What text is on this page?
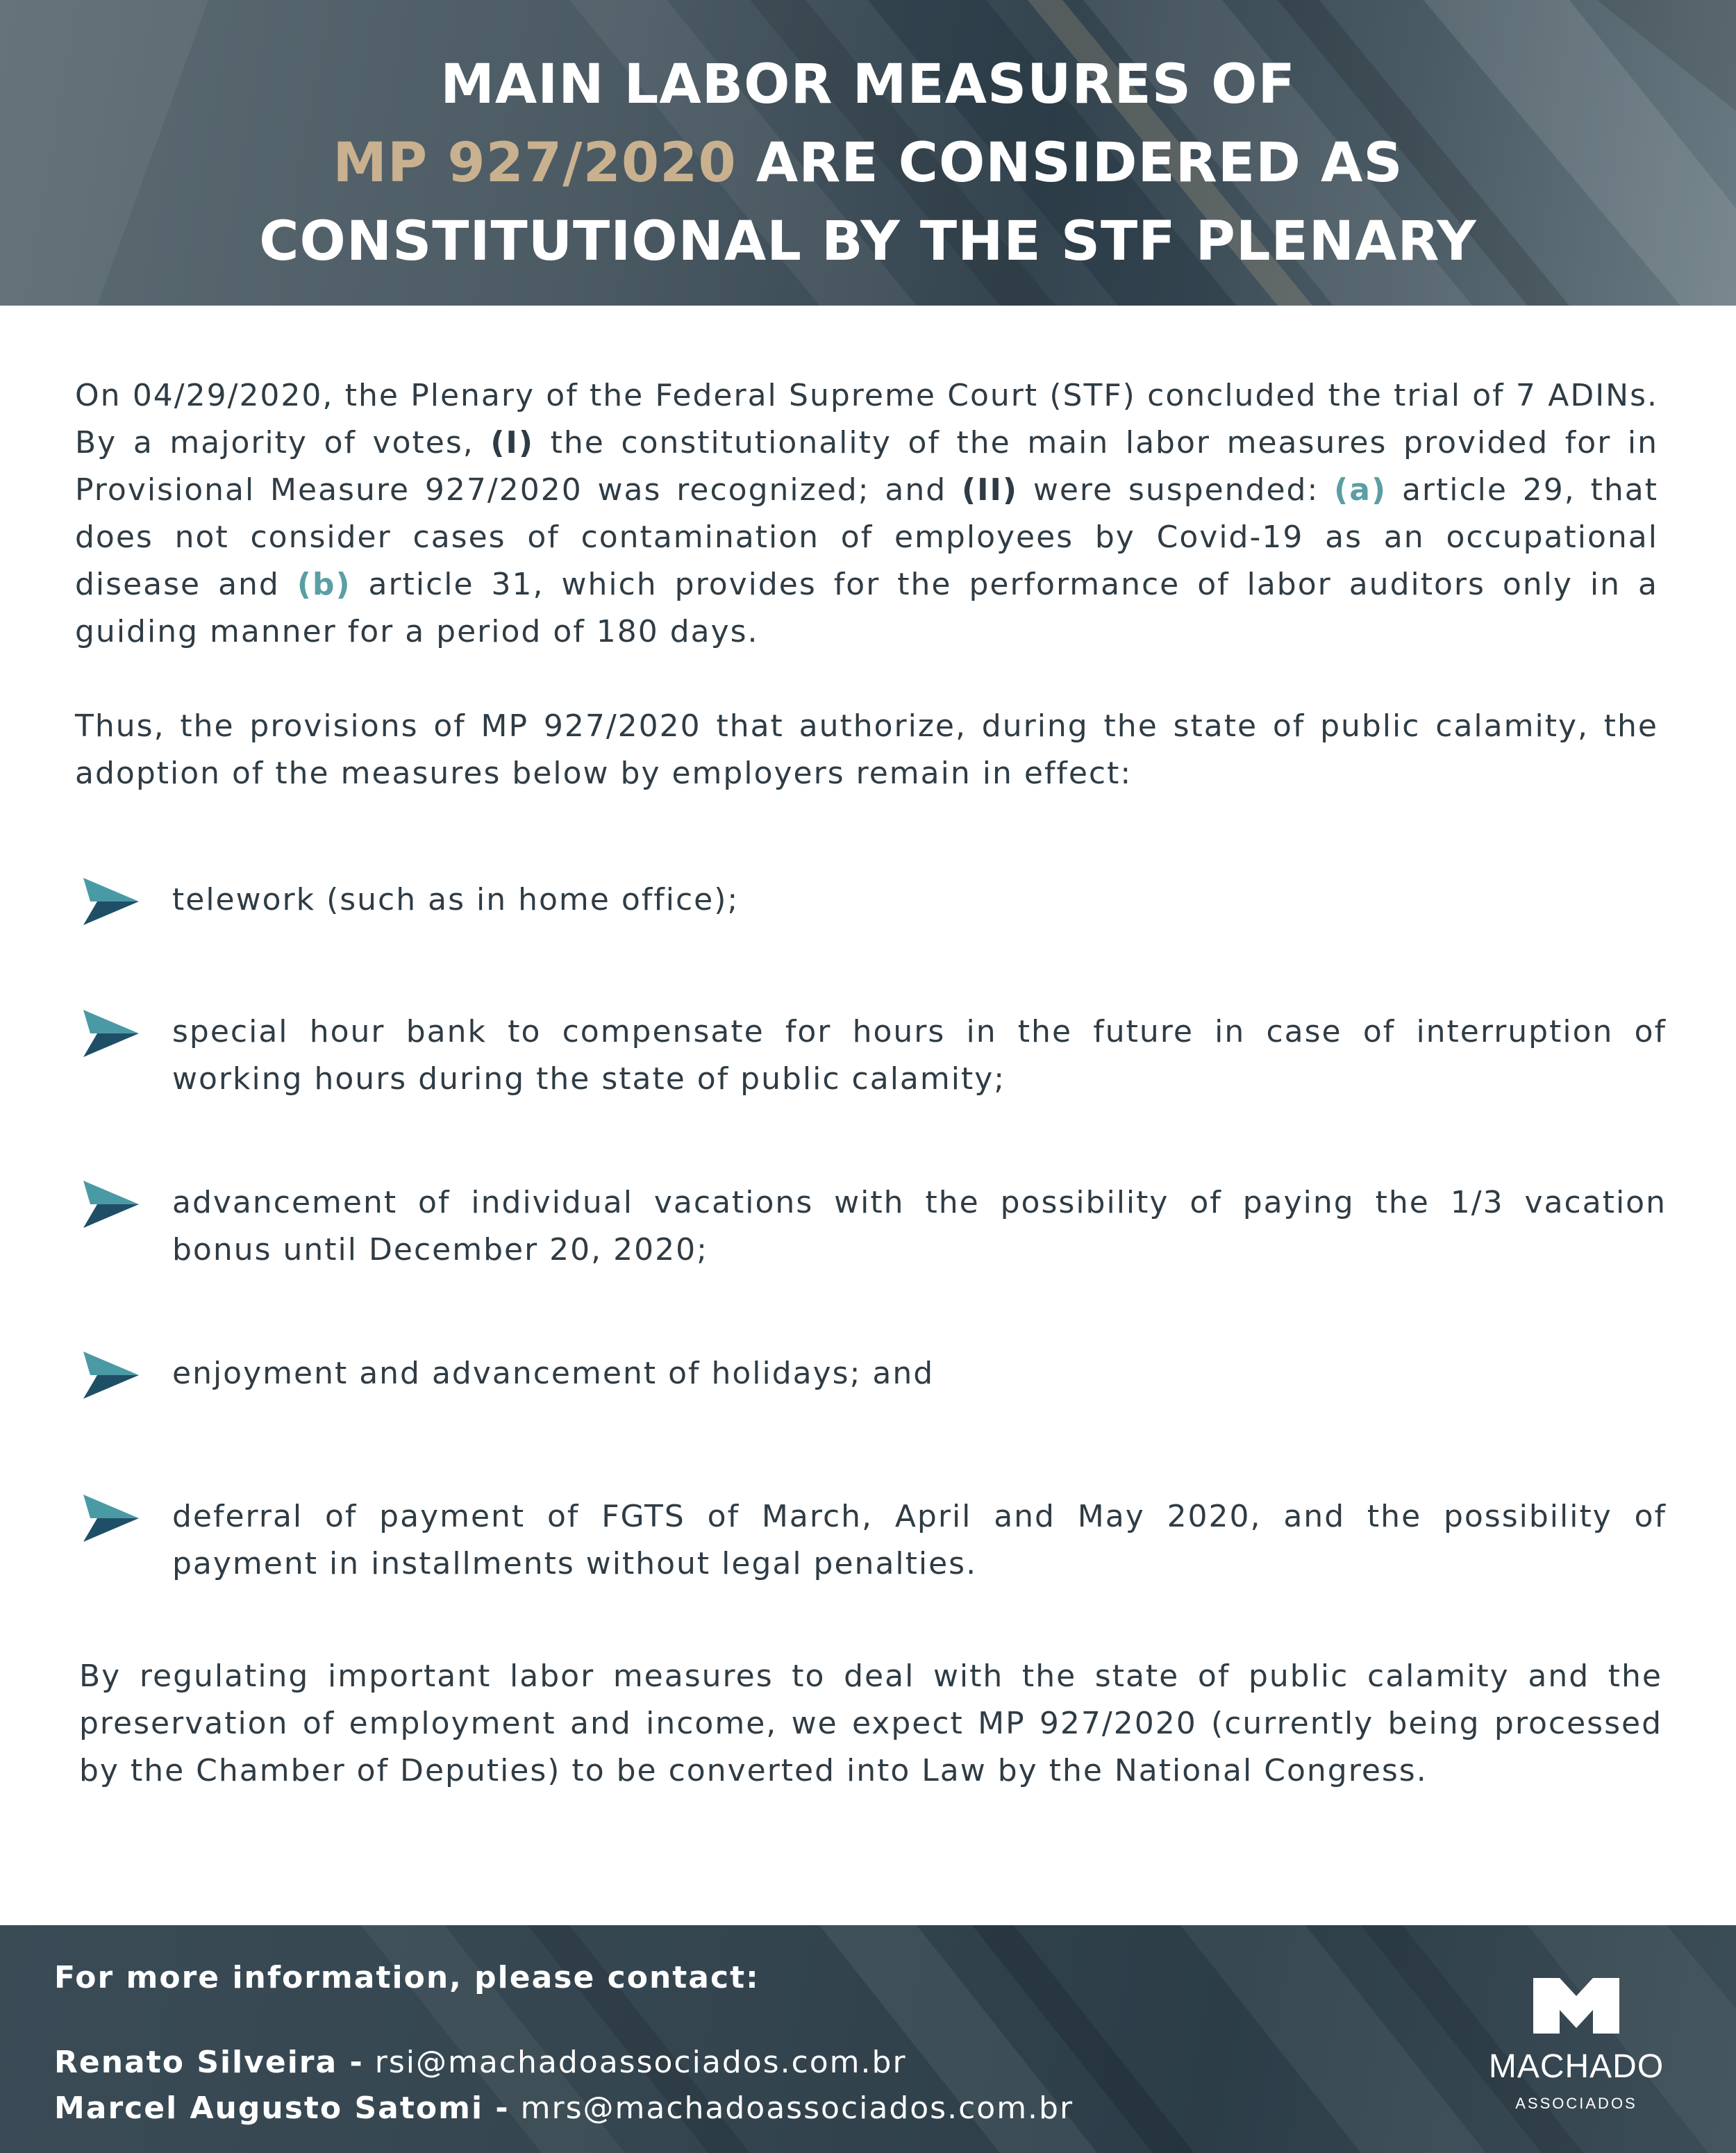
MAIN LABOR MEASURES OF
MP 927/2020 ARE CONSIDERED AS
CONSTITUTIONAL BY THE STF PLENARY

On 04/29/2020, the Plenary of the Federal Supreme Court (STF) concluded the trial of 7 ADINs. By a majority of votes, (I) the constitutionality of the main labor measures provided for in Provisional Measure 927/2020 was recognized; and (II) were suspended: (a) article 29, that does not consider cases of contamination of employees by Covid-19 as an occupational disease and (b) article 31, which provides for the performance of labor auditors only in a guiding manner for a period of 180 days.

Thus, the provisions of MP 927/2020 that authorize, during the state of public calamity, the adoption of the measures below by employers remain in effect:

telework (such as in home office);
special hour bank to compensate for hours in the future in case of interruption of working hours during the state of public calamity;
advancement of individual vacations with the possibility of paying the 1/3 vacation bonus until December 20, 2020;
enjoyment and advancement of holidays; and
deferral of payment of FGTS of March, April and May 2020, and the possibility of payment in installments without legal penalties.

By regulating important labor measures to deal with the state of public calamity and the preservation of employment and income, we expect MP 927/2020 (currently being processed by the Chamber of Deputies) to be converted into Law by the National Congress.

For more information, please contact:
Renato Silveira - rsi@machadoassociados.com.br
Marcel Augusto Satomi - mrs@machadoassociados.com.br
MACHADO
ASSOCIADOS
